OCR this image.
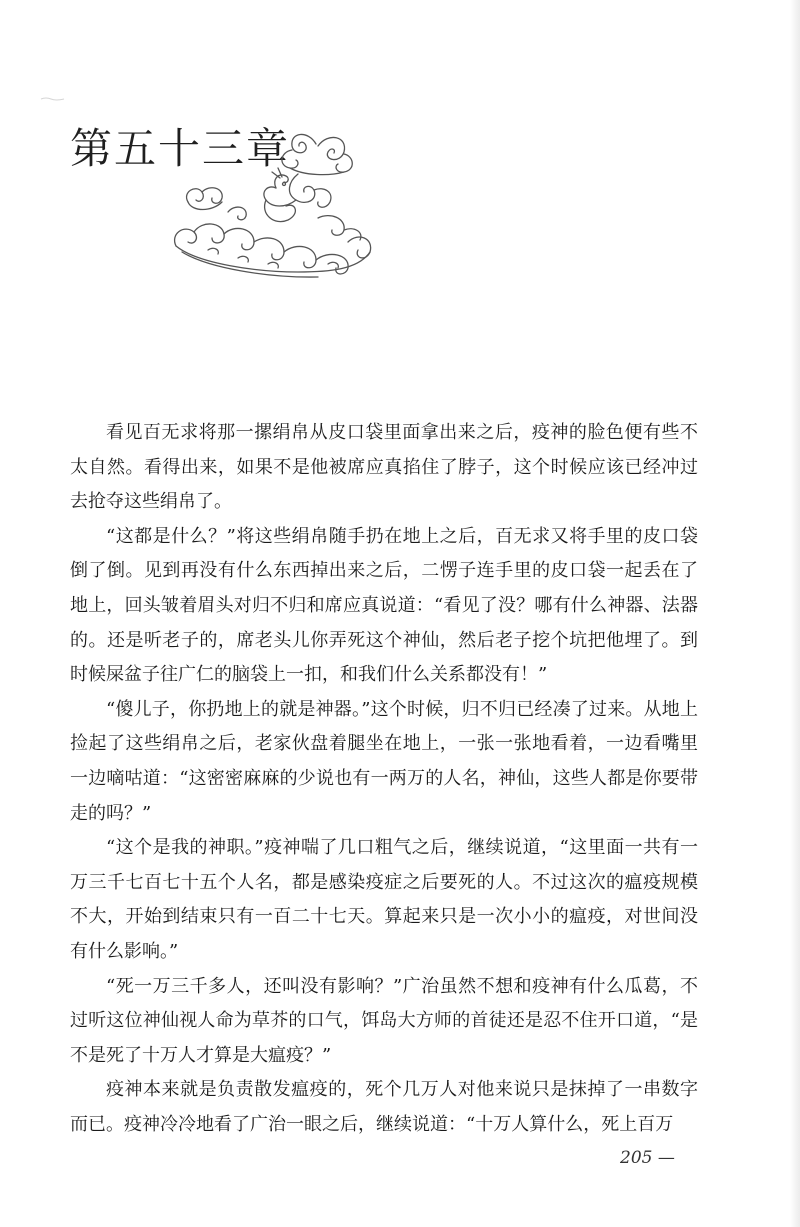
第五十三章

看见百无求将那一摞绢帛从皮口袋里面拿出来之后，疫神的脸色便有些不太自然。看得出来，如果不是他被席应真掐住了脖子，这个时候应该已经冲过去抢夺这些绢帛了。

“这都是什么？”将这些绢帛随手扔在地上之后，百无求又将手里的皮口袋倒了倒。见到再没有什么东西掉出来之后，二愣子连手里的皮口袋一起丢在了地上，回头皱着眉头对归不归和席应真说道：“看见了没？哪有什么神器、法器的。还是听老子的，席老头儿你弄死这个神仙，然后老子挖个坑把他埋了。到时候屎盆子往广仁的脑袋上一扣，和我们什么关系都没有！”

“傻儿子，你扔地上的就是神器。”这个时候，归不归已经凑了过来。从地上捡起了这些绢帛之后，老家伙盘着腿坐在地上，一张一张地看着，一边看嘴里一边嘀咕道：“这密密麻麻的少说也有一两万的人名，神仙，这些人都是你要带走的吗？”

“这个是我的神职。”疫神喘了几口粗气之后，继续说道，“这里面一共有一万三千七百七十五个人名，都是感染疫症之后要死的人。不过这次的瘟疫规模不大，开始到结束只有一百二十七天。算起来只是一次小小的瘟疫，对世间没有什么影响。”

“死一万三千多人，还叫没有影响？”广治虽然不想和疫神有什么瓜葛，不过听这位神仙视人命为草芥的口气，饵岛大方师的首徒还是忍不住开口道，“是不是死了十万人才算是大瘟疫？”

疫神本来就是负责散发瘟疫的，死个几万人对他来说只是抹掉了一串数字而已。疫神冷冷地看了广治一眼之后，继续说道：“十万人算什么，死上百万

205 —
